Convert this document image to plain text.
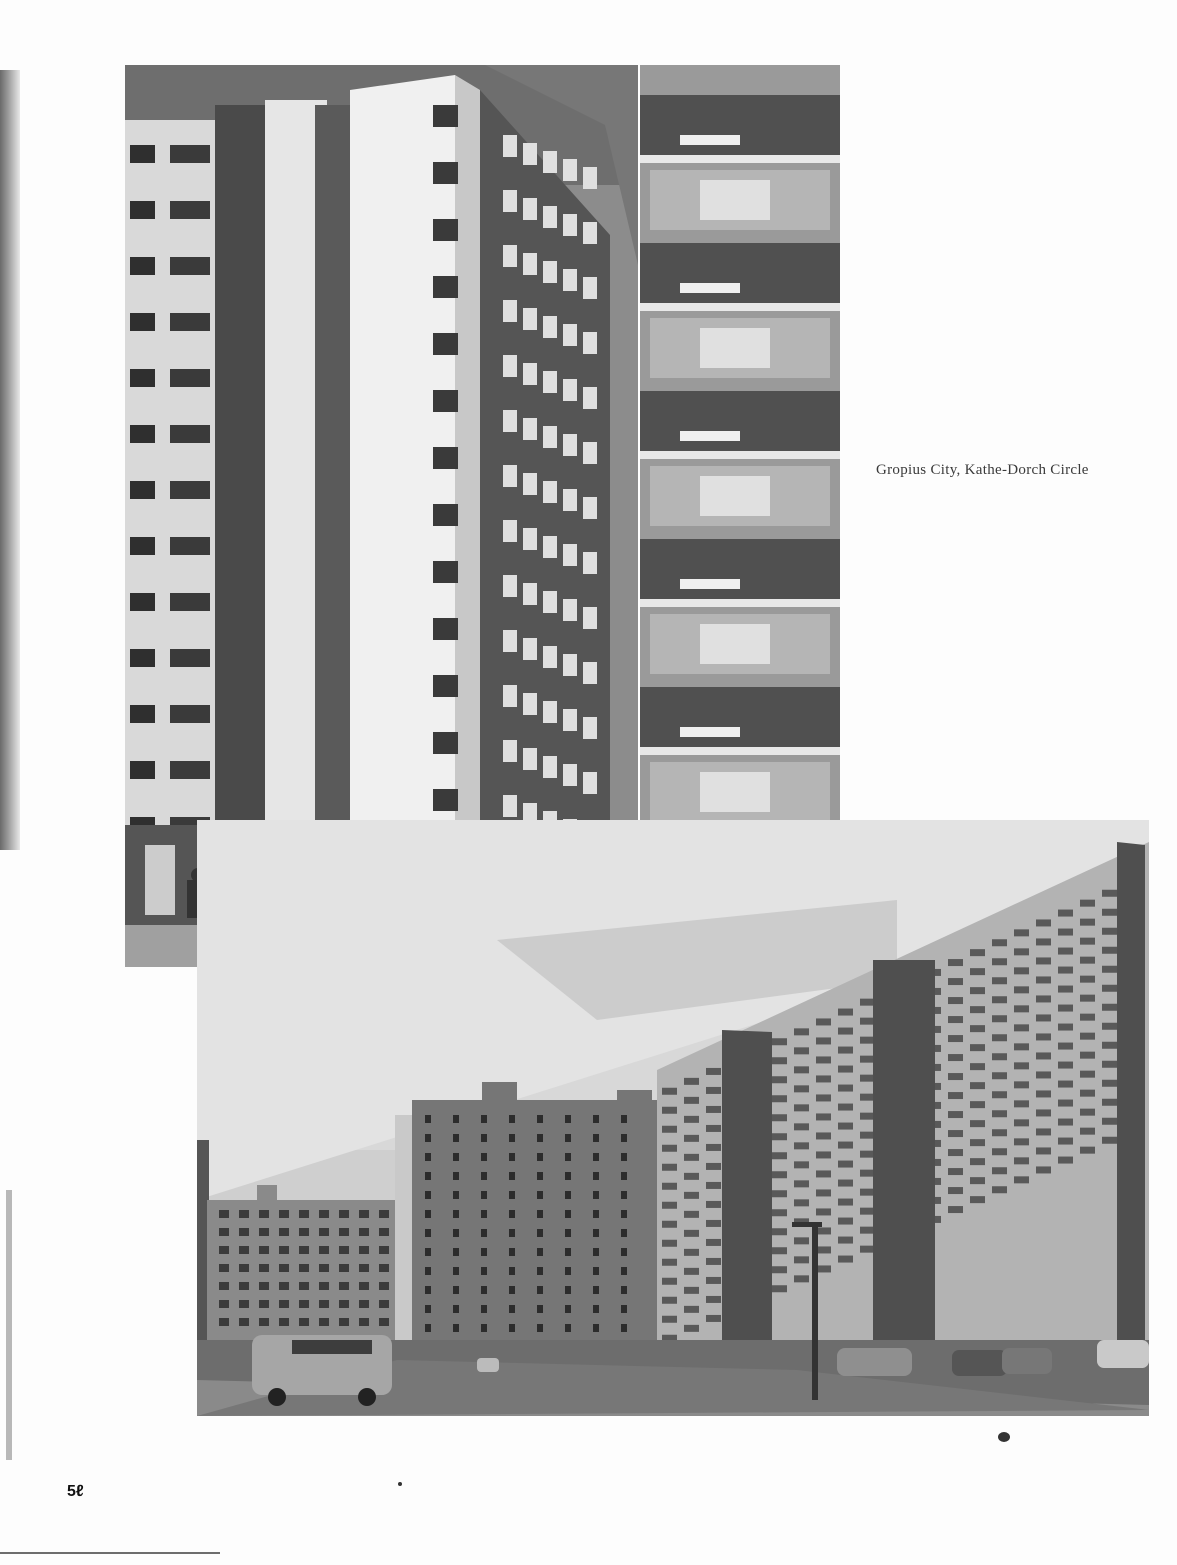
Gropius City, Kathe-Dorch Circle
5ℓ
